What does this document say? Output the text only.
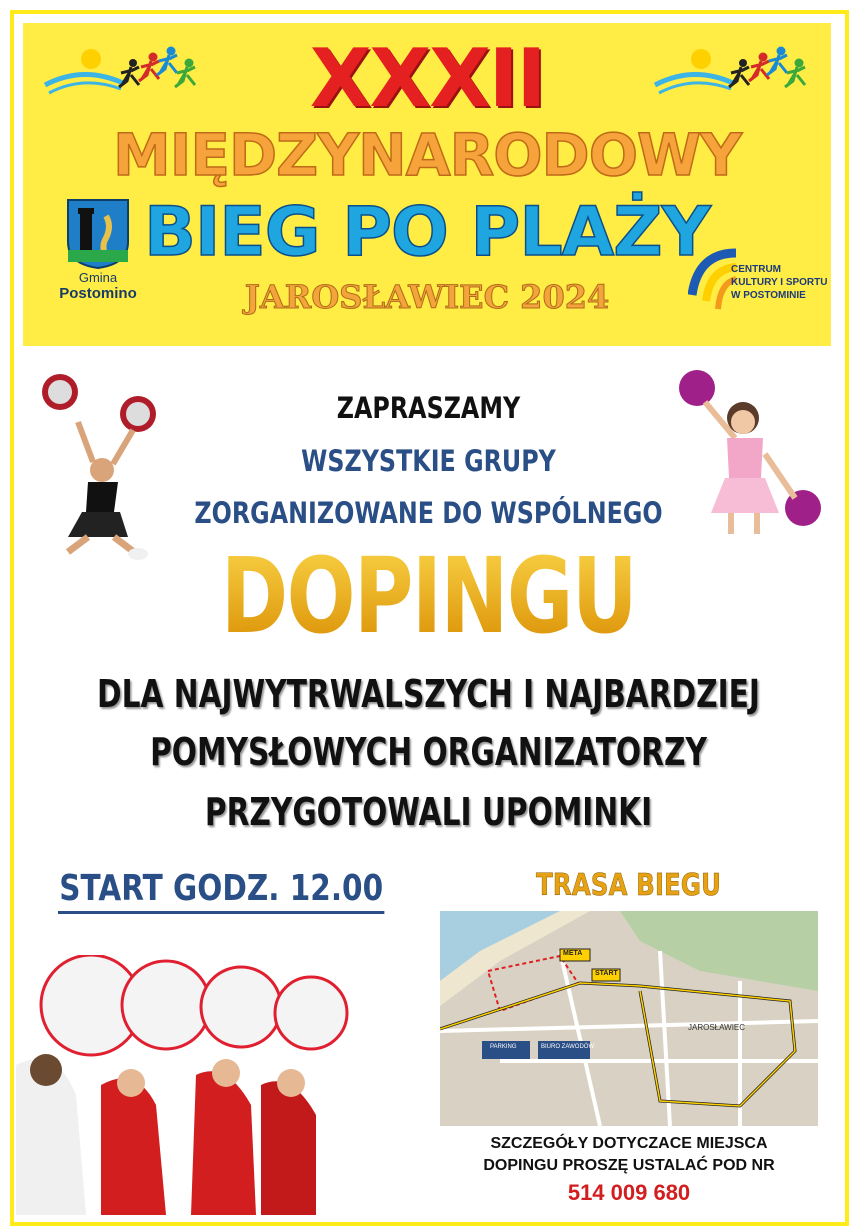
XXXII
MIĘDZYNARODOWY
BIEG PO PLAŻY
JAROSŁAWIEC 2024
Gmina
Postomino
CENTRUM
KULTURY I SPORTU
W POSTOMINIE
ZAPRASZAMY
WSZYSTKIE GRUPY
ZORGANIZOWANE DO WSPÓLNEGO
DOPINGU
DLA NAJWYTRWALSZYCH I NAJBARDZIEJ
POMYSŁOWYCH ORGANIZATORZY
PRZYGOTOWALI UPOMINKI
START GODZ. 12.00	TRASA BIEGU
META
START
JAROSŁAWIEC
PARKING	BIURO ZAWODÓW
SZCZEGÓŁY DOTYCZACE MIEJSCA
DOPINGU PROSZĘ USTALAĆ POD NR
514 009 680
